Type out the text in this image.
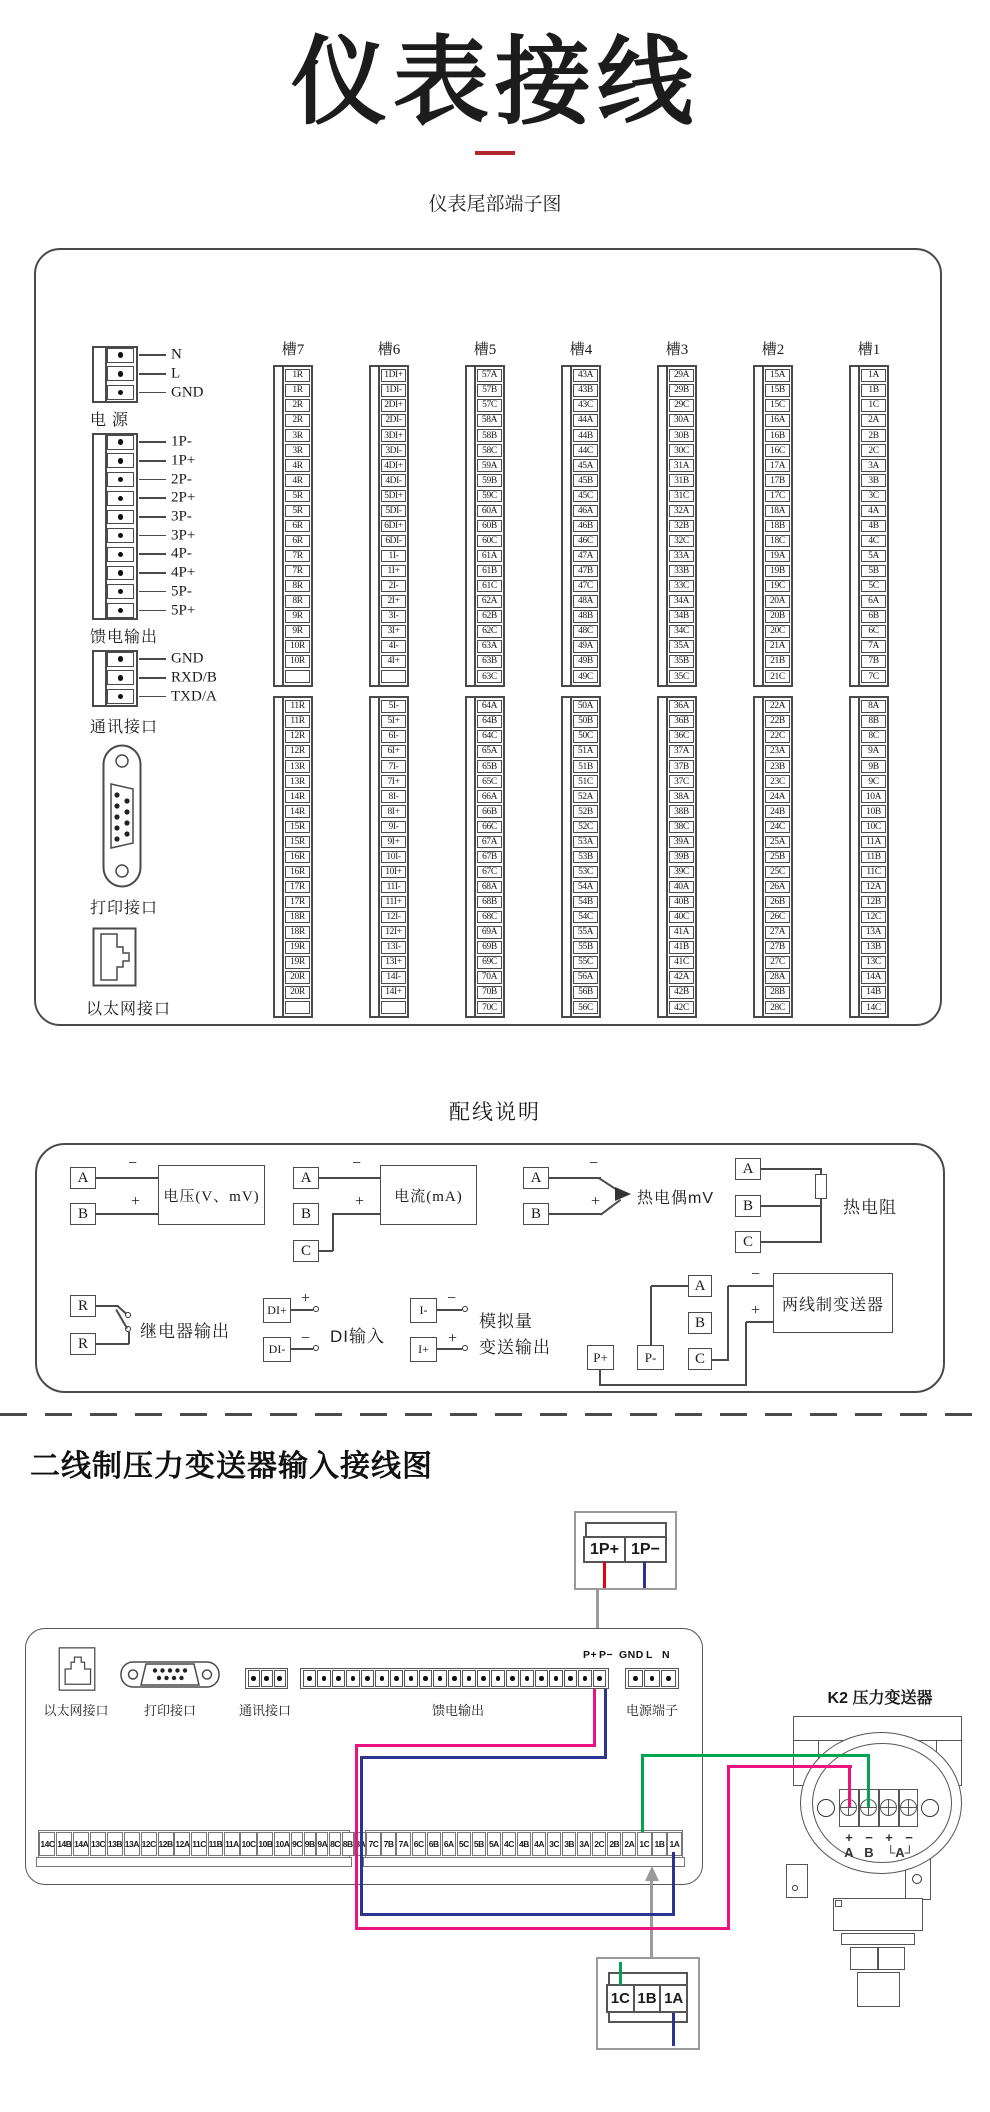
仪表接线
仪表尾部端子图
N
L
GND
电 源
1P-
1P+
2P-
2P+
3P-
3P+
4P-
4P+
5P-
5P+
馈电输出
GND
RXD/B
TXD/A
通讯接口
打印接口
以太网接口
槽7
1R
1R
2R
2R
3R
3R
4R
4R
5R
5R
6R
6R
7R
7R
8R
8R
9R
9R
10R
10R
11R
11R
12R
12R
13R
13R
14R
14R
15R
15R
16R
16R
17R
17R
18R
18R
19R
19R
20R
20R
槽6
1DI+
1DI-
2DI+
2DI-
3DI+
3DI-
4DI+
4DI-
5DI+
5DI-
6DI+
6DI-
1I-
1I+
2I-
2I+
3I-
3I+
4I-
4I+
5I-
5I+
6I-
6I+
7I-
7I+
8I-
8I+
9I-
9I+
10I-
10I+
11I-
11I+
12I-
12I+
13I-
13I+
14I-
14I+
槽5
57A
57B
57C
58A
58B
58C
59A
59B
59C
60A
60B
60C
61A
61B
61C
62A
62B
62C
63A
63B
63C
64A
64B
64C
65A
65B
65C
66A
66B
66C
67A
67B
67C
68A
68B
68C
69A
69B
69C
70A
70B
70C
槽4
43A
43B
43C
44A
44B
44C
45A
45B
45C
46A
46B
46C
47A
47B
47C
48A
48B
48C
49A
49B
49C
50A
50B
50C
51A
51B
51C
52A
52B
52C
53A
53B
53C
54A
54B
54C
55A
55B
55C
56A
56B
56C
槽3
29A
29B
29C
30A
30B
30C
31A
31B
31C
32A
32B
32C
33A
33B
33C
34A
34B
34C
35A
35B
35C
36A
36B
36C
37A
37B
37C
38A
38B
38C
39A
39B
39C
40A
40B
40C
41A
41B
41C
42A
42B
42C
槽2
15A
15B
15C
16A
16B
16C
17A
17B
17C
18A
18B
18C
19A
19B
19C
20A
20B
20C
21A
21B
21C
22A
22B
22C
23A
23B
23C
24A
24B
24C
25A
25B
25C
26A
26B
26C
27A
27B
27C
28A
28B
28C
槽1
1A
1B
1C
2A
2B
2C
3A
3B
3C
4A
4B
4C
5A
5B
5C
6A
6B
6C
7A
7B
7C
8A
8B
8C
9A
9B
9C
10A
10B
10C
11A
11B
11C
12A
12B
12C
13A
13B
13C
14A
14B
14C
配线说明
A
B
−
+	电压(V、mV)
A
B
C
−
+	电流(mA)
A
B
−
+ 热电偶mV
A
B
C
热电阻
R
R
继电器输出
DI+
DI-
+
− DI输入
I-
I+
−
+
模拟量
变送输出
A
B
C
P+	P-
−
+	两线制变送器
二线制压力变送器输入接线图
1P+ 1P−
以太网接口	打印接口	通讯接口	馈电输出
P+ P− GND L N
电源端子
14C 14B 14A 13C 13B 13A 12C 12B 12A 11C 11B 11A 10C 10B 10A 9C 9B 9A 8C 8B 7C 7B 7A 6C 6B 6A 5C 5B 5A 4C 4B 4A 3C 3B 3A 2C 2B 2A 1C 1B 1A
1C 1B 1A
K2 压力变送器
+ − + −
A B └A┘
